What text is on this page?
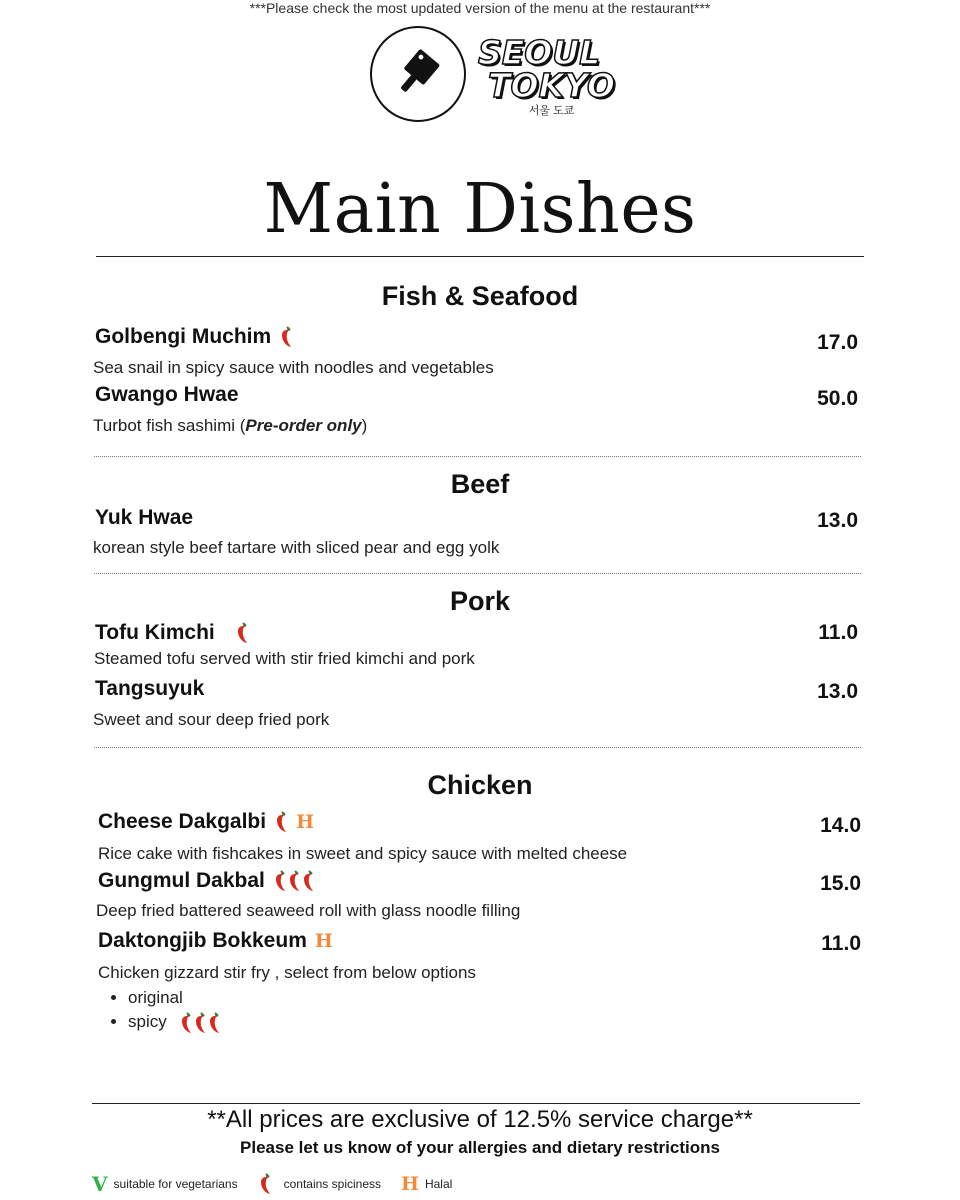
***Please check the most updated version of the menu at the restaurant***
SEOUL
TOKYO
서울 도쿄
Main Dishes
Fish & Seafood
Golbengi Muchim	17.0
Sea snail in spicy sauce with noodles and vegetables
Gwango Hwae	50.0
Turbot fish sashimi (Pre-order only)
Beef
Yuk Hwae	13.0
korean style beef tartare with sliced pear and egg yolk
Pork
Tofu Kimchi	11.0
Steamed tofu served with stir fried kimchi and pork
Tangsuyuk	13.0
Sweet and sour deep fried pork
Chicken
Cheese Dakgalbi H	14.0
Rice cake with fishcakes in sweet and spicy sauce with melted cheese
Gungmul Dakbal	15.0
Deep fried battered seaweed roll with glass noodle filling
Daktongjib Bokkeum H	11.0
Chicken gizzard stir fry , select from below options
• original
• spicy
**All prices are exclusive of 12.5% service charge**
Please let us know of your allergies and dietary restrictions
V suitable for vegetarians	contains spiciness H Halal
